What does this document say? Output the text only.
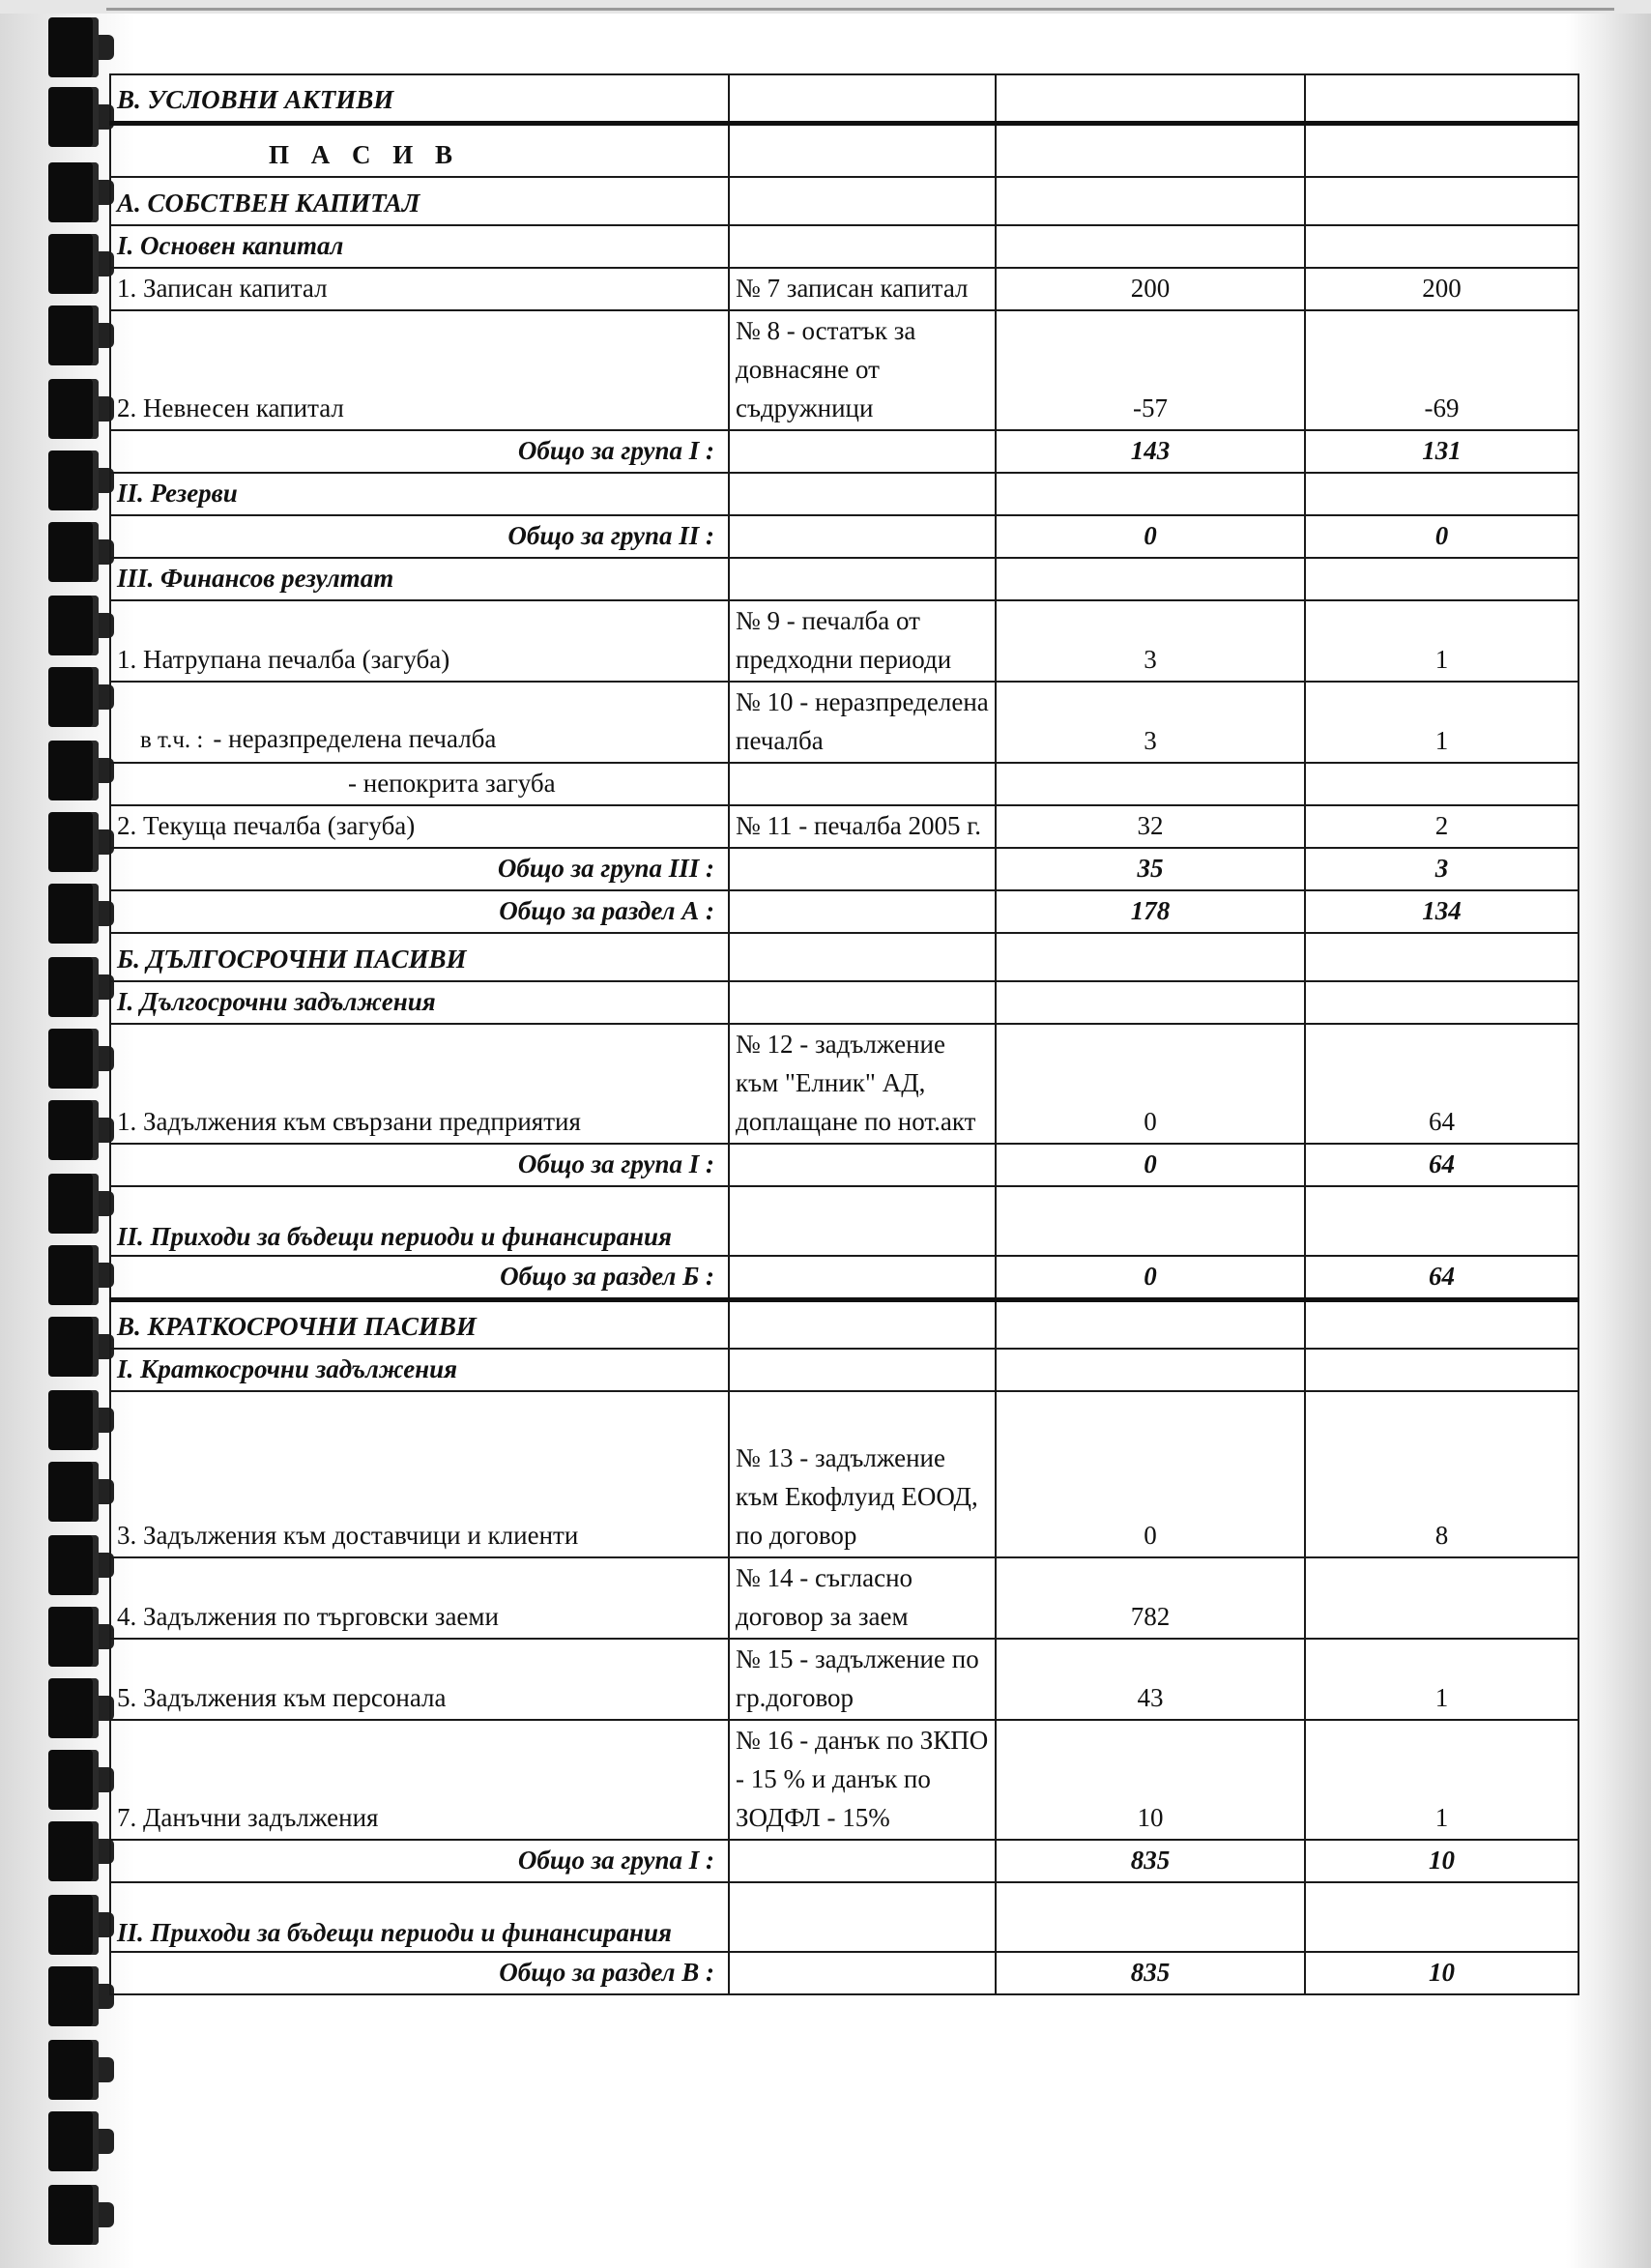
В. УСЛОВНИ АКТИВИ			
П А С И В			
А. СОБСТВЕН КАПИТАЛ			
І. Основен капитал			
1. Записан капитал	№ 7 записан капитал	200	200
2. Невнесен капитал	№ 8 - остатък за довнасяне от съдружници	-57	-69
Общо за група І :		143	131
ІІ. Резерви			
Общо за група ІІ :		0	0
ІІІ. Финансов резултат			
1. Натрупана печалба (загуба)	№ 9 - печалба от предходни периоди	3	1
в т.ч. : - неразпределена печалба	№ 10 - неразпределена печалба	3	1
- непокрита загуба			
2. Текуща печалба (загуба)	№ 11 - печалба 2005 г.	32	2
Общо за група ІІІ :		35	3
Общо за раздел А :		178	134
Б. ДЪЛГОСРОЧНИ ПАСИВИ			
І. Дългосрочни задължения			
1. Задължения към свързани предприятия	№ 12 - задължение към "Елник" АД, доплащане по нот.акт	0	64
Общо за група І :		0	64
ІІ. Приходи за бъдещи периоди и финансирания			
Общо за раздел Б :		0	64
В. КРАТКОСРОЧНИ ПАСИВИ			
І. Краткосрочни задължения			
3. Задължения към доставчици и клиенти	№ 13 - задължение към Екофлуид ЕООД, по договор	0	8
4. Задължения по търговски заеми	№ 14 - съгласно договор за заем	782	
5. Задължения към персонала	№ 15 - задължение по гр.договор	43	1
7. Данъчни задължения	№ 16 - данък по ЗКПО - 15 % и данък по ЗОДФЛ - 15%	10	1
Общо за група І :		835	10
ІІ. Приходи за бъдещи периоди и финансирания			
Общо за раздел В :		835	10
